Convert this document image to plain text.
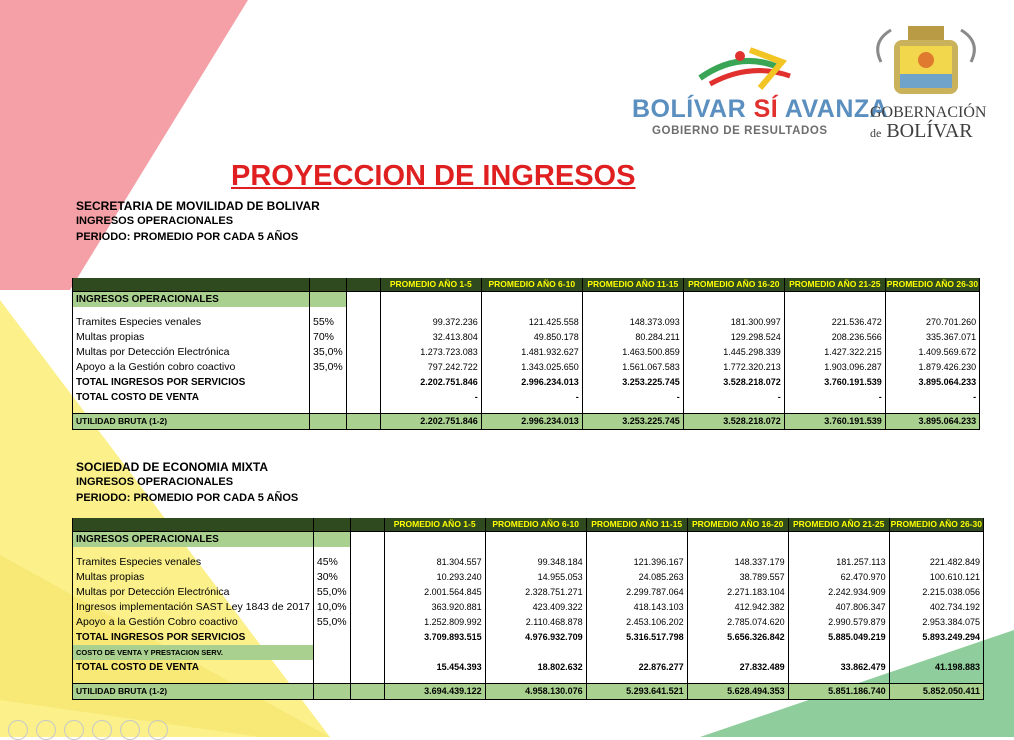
BOLÍVAR SÍ AVANZA
GOBIERNO DE RESULTADOS
GOBERNACIÓN
de BOLÍVAR
PROYECCION DE INGRESOS
SECRETARIA DE MOVILIDAD DE BOLIVAR
INGRESOS OPERACIONALES
PERIODO: PROMEDIO POR CADA 5 AÑOS
			PROMEDIO AÑO 1-5	PROMEDIO AÑO 6-10	PROMEDIO AÑO 11-15	PROMEDIO AÑO 16-20	PROMEDIO AÑO 21-25	PROMEDIO AÑO 26-30
INGRESOS OPERACIONALES								

Tramites Especies venales	55%		99.372.236	121.425.558	148.373.093	181.300.997	221.536.472	270.701.260
Multas propias	70%		32.413.804	49.850.178	80.284.211	129.298.524	208.236.566	335.367.071
Multas por Detección Electrónica	35,0%		1.273.723.083	1.481.932.627	1.463.500.859	1.445.298.339	1.427.322.215	1.409.569.672
Apoyo a la Gestión cobro coactivo	35,0%		797.242.722	1.343.025.650	1.561.067.583	1.772.320.213	1.903.096.287	1.879.426.230
TOTAL INGRESOS POR SERVICIOS			2.202.751.846	2.996.234.013	3.253.225.745	3.528.218.072	3.760.191.539	3.895.064.233
TOTAL COSTO DE VENTA			-	-	-	-	-	-

UTILIDAD BRUTA (1-2)			2.202.751.846	2.996.234.013	3.253.225.745	3.528.218.072	3.760.191.539	3.895.064.233
SOCIEDAD DE ECONOMIA MIXTA
INGRESOS OPERACIONALES
PERIODO: PROMEDIO POR CADA 5 AÑOS
			PROMEDIO AÑO 1-5	PROMEDIO AÑO 6-10	PROMEDIO AÑO 11-15	PROMEDIO AÑO 16-20	PROMEDIO AÑO 21-25	PROMEDIO AÑO 26-30
INGRESOS OPERACIONALES								

Tramites Especies venales	45%		81.304.557	99.348.184	121.396.167	148.337.179	181.257.113	221.482.849
Multas propias	30%		10.293.240	14.955.053	24.085.263	38.789.557	62.470.970	100.610.121
Multas por Detección Electrónica	55,0%		2.001.564.845	2.328.751.271	2.299.787.064	2.271.183.104	2.242.934.909	2.215.038.056
Ingresos implementación SAST Ley 1843 de 2017	10,0%		363.920.881	423.409.322	418.143.103	412.942.382	407.806.347	402.734.192
Apoyo a la Gestión Cobro coactivo	55,0%		1.252.809.992	2.110.468.878	2.453.106.202	2.785.074.620	2.990.579.879	2.953.384.075
TOTAL INGRESOS POR SERVICIOS			3.709.893.515	4.976.932.709	5.316.517.798	5.656.326.842	5.885.049.219	5.893.249.294
COSTO DE VENTA Y PRESTACION SERV.								
TOTAL COSTO DE VENTA			15.454.393	18.802.632	22.876.277	27.832.489	33.862.479	41.198.883

UTILIDAD BRUTA (1-2)			3.694.439.122	4.958.130.076	5.293.641.521	5.628.494.353	5.851.186.740	5.852.050.411
